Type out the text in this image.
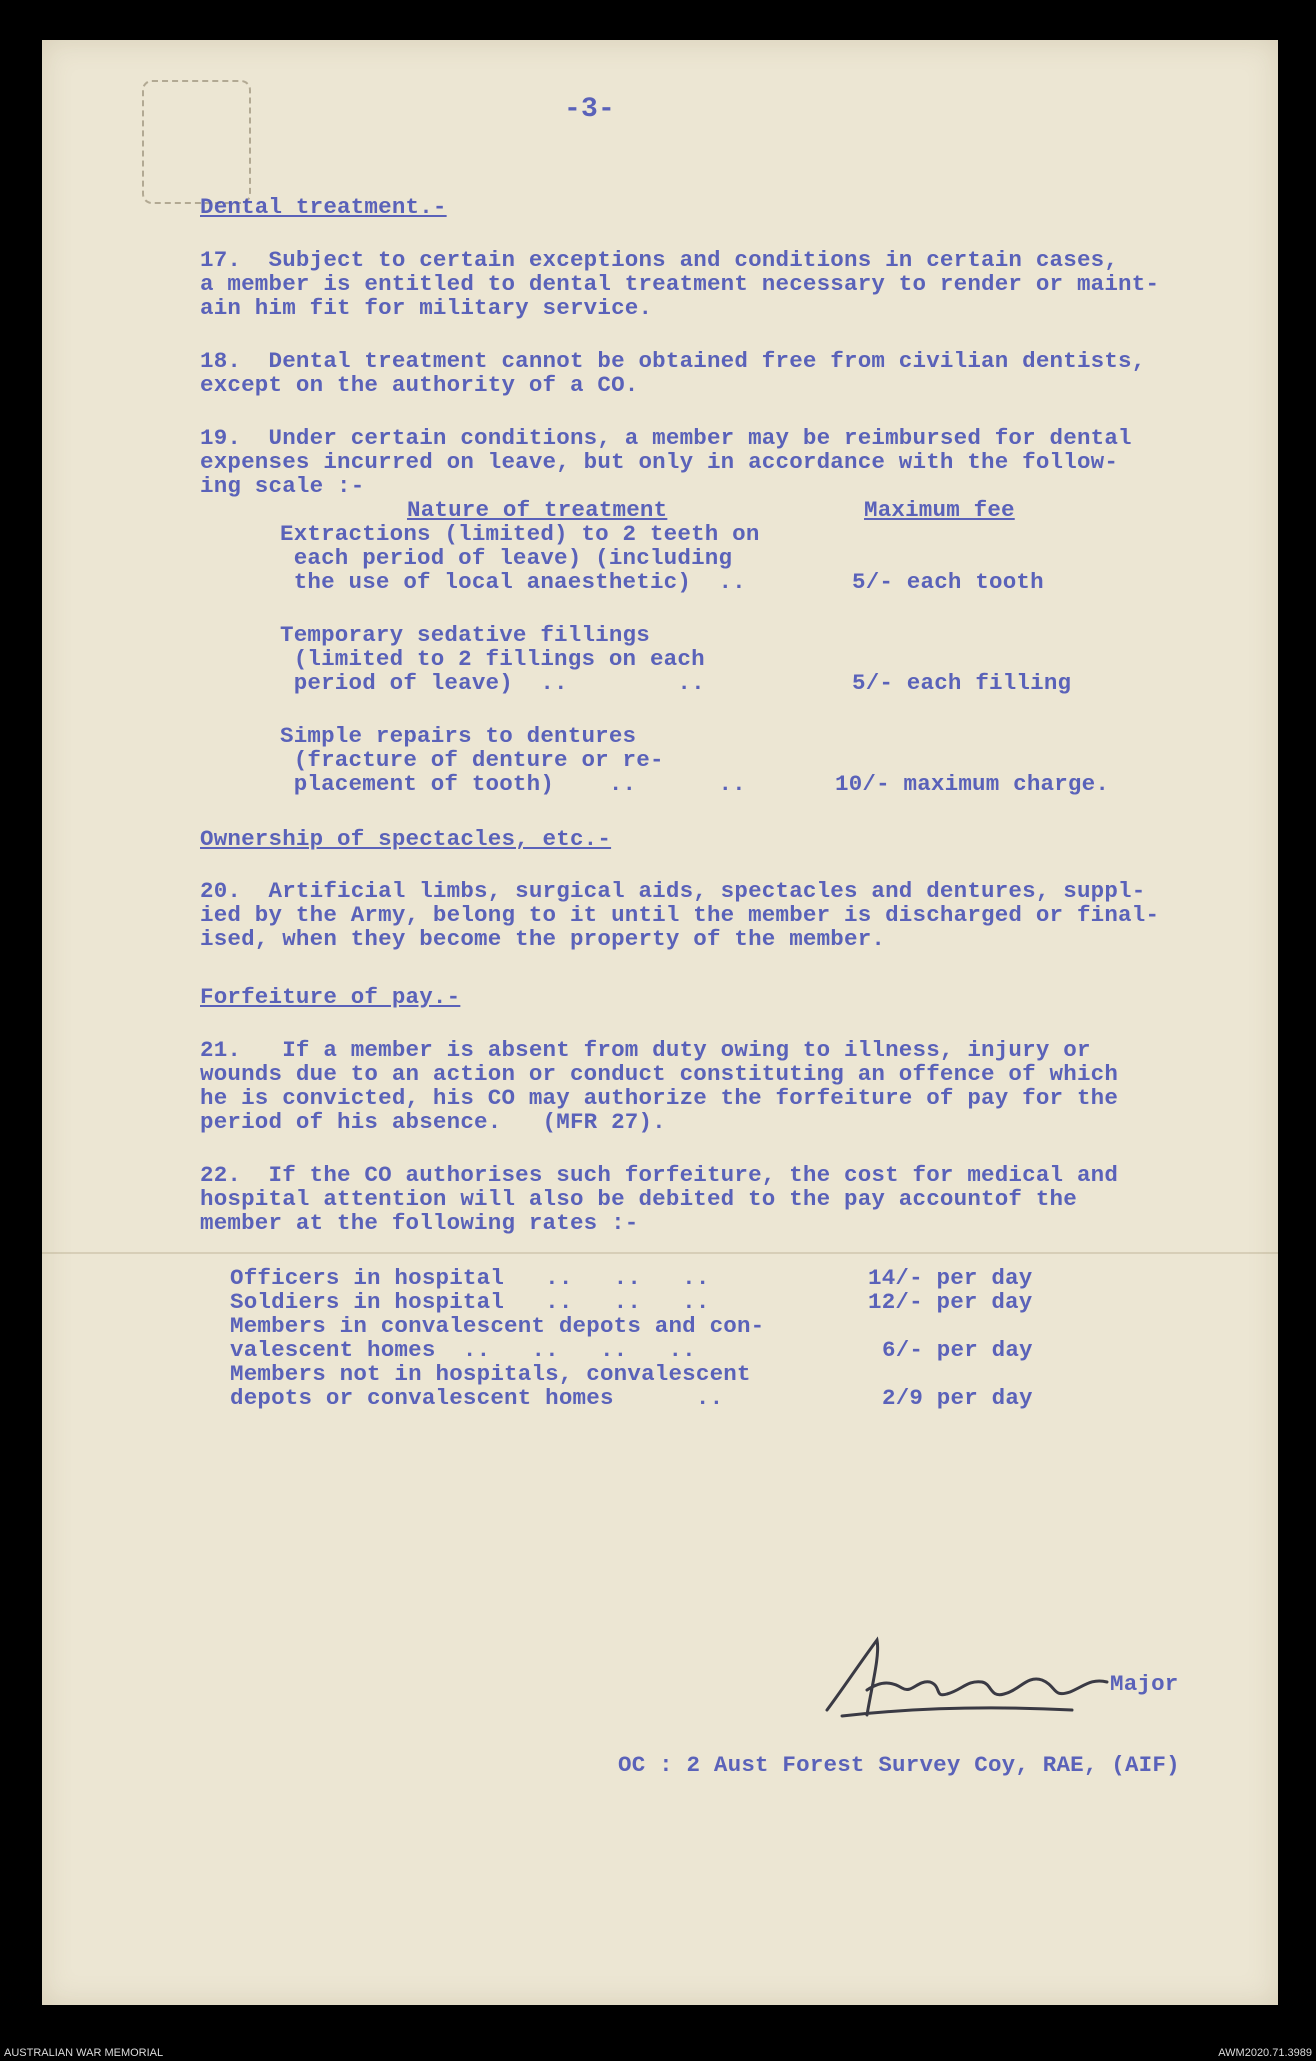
-3-
Dental treatment.-
17.  Subject to certain exceptions and conditions in certain cases,
a member is entitled to dental treatment necessary to render or maint-
ain him fit for military service.
18.  Dental treatment cannot be obtained free from civilian dentists,
except on the authority of a CO.
19.  Under certain conditions, a member may be reimbursed for dental
expenses incurred on leave, but only in accordance with the follow-
ing scale :-
Nature of treatment	Maximum fee
Extractions (limited) to 2 teeth on
each period of leave) (including
the use of local anaesthetic)  ..	5/- each tooth
Temporary sedative fillings
(limited to 2 fillings on each
period of leave)  ..        ..	5/- each filling
Simple repairs to dentures
(fracture of denture or re-
placement of tooth)    ..      ..	10/- maximum charge.
Ownership of spectacles, etc.-
20.  Artificial limbs, surgical aids, spectacles and dentures, suppl-
ied by the Army, belong to it until the member is discharged or final-
ised, when they become the property of the member.
Forfeiture of pay.-
21.   If a member is absent from duty owing to illness, injury or
wounds due to an action or conduct constituting an offence of which
he is convicted, his CO may authorize the forfeiture of pay for the
period of his absence.   (MFR 27).
22.  If the CO authorises such forfeiture, the cost for medical and
hospital attention will also be debited to the pay accountof the
member at the following rates :-
Officers in hospital   ..   ..   ..	14/- per day
Soldiers in hospital   ..   ..   ..	12/- per day
Members in convalescent depots and con-
valescent homes  ..   ..   ..   ..	6/- per day
Members not in hospitals, convalescent
depots or convalescent homes      ..	2/9 per day
Major
OC : 2 Aust Forest Survey Coy, RAE, (AIF)
AUSTRALIAN WAR MEMORIAL	AWM2020.71.3989
